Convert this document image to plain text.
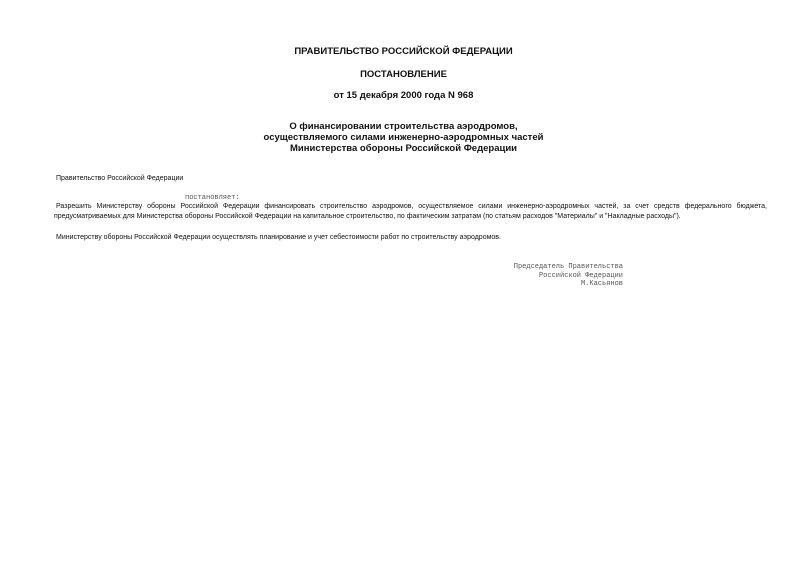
ПРАВИТЕЛЬСТВО РОССИЙСКОЙ ФЕДЕРАЦИИ
ПОСТАНОВЛЕНИЕ
от 15 декабря 2000 года N 968
О финансировании строительства аэродромов,
осуществляемого силами инженерно-аэродромных частей
Министерства обороны Российской Федерации
Правительство Российской Федерации
постановляет:
Разрешить Министерству обороны Российской Федерации финансировать строительство аэродромов, осуществляемое силами инженерно-аэродромных частей, за счет средств федерального бюджета,
предусматриваемых для Министерства обороны Российской Федерации на капитальное строительство, по фактическим затратам (по статьям расходов "Материалы" и "Накладные расходы").
Министерству обороны Российской Федерации осуществлять планирование и учет себестоимости работ по строительству аэродромов.
Председатель Правительства
Российской Федерации
М.Касьянов
